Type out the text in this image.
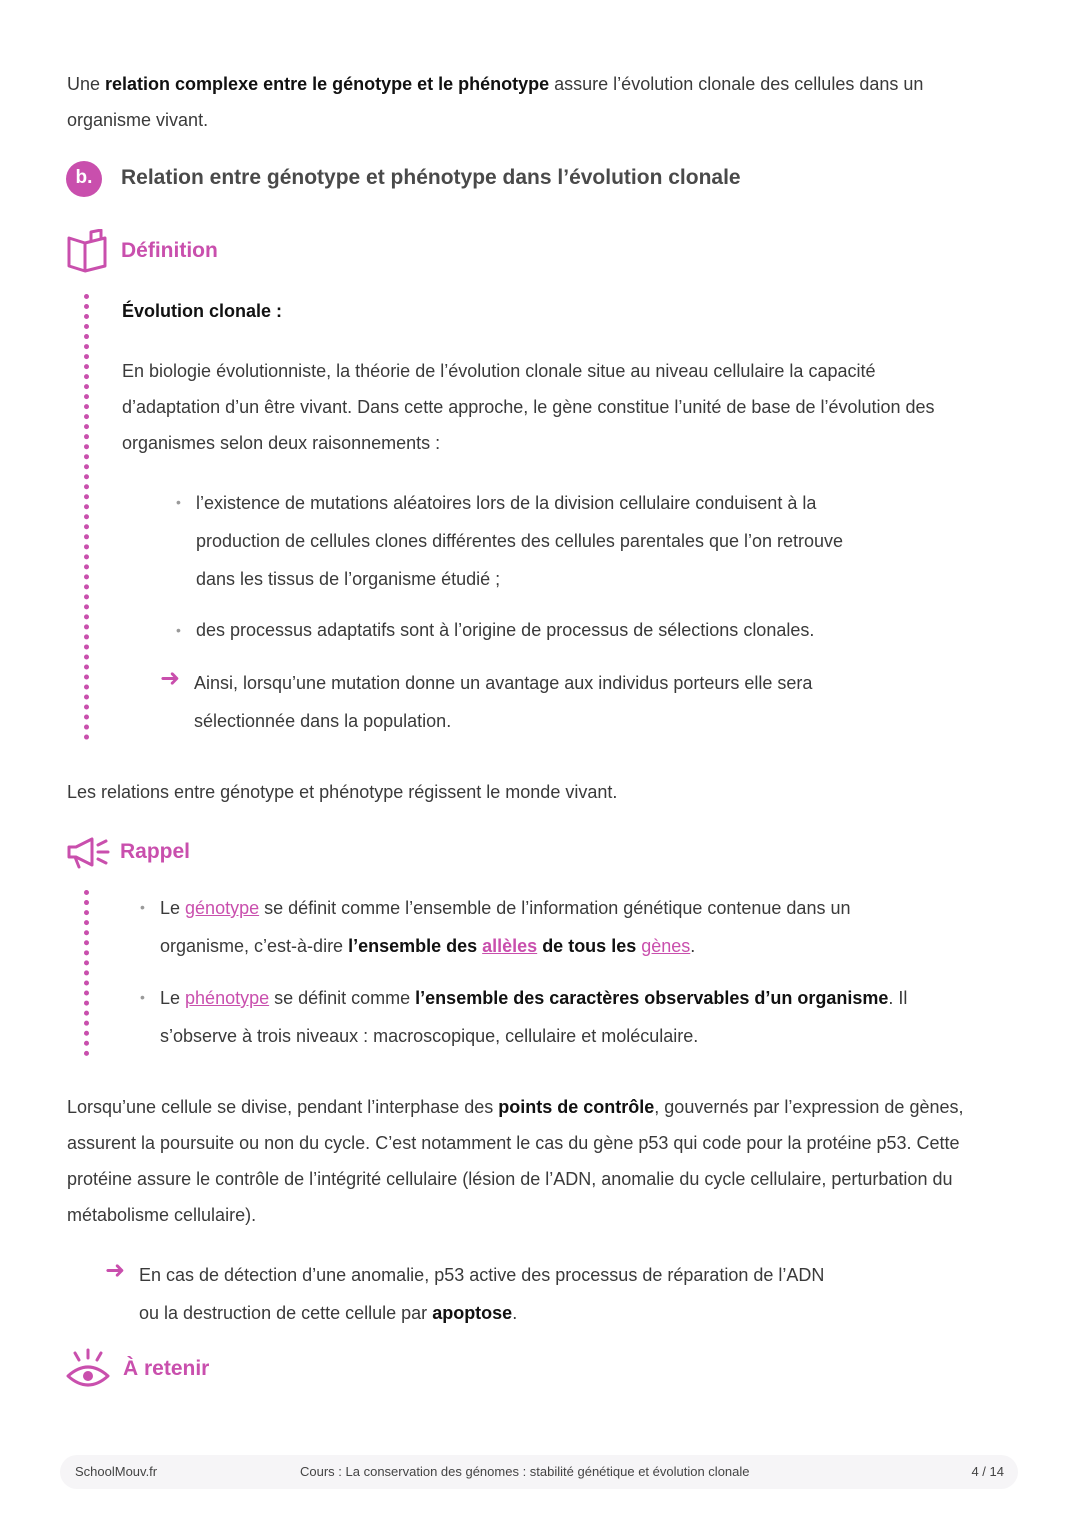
Une relation complexe entre le génotype et le phénotype assure l’évolution clonale des cellules dans un
organisme vivant.
b.	Relation entre génotype et phénotype dans l’évolution clonale
Définition
Évolution clonale :
En biologie évolutionniste, la théorie de l’évolution clonale situe au niveau cellulaire la capacité
d’adaptation d’un être vivant. Dans cette approche, le gène constitue l’unité de base de l’évolution des
organismes selon deux raisonnements :
• l’existence de mutations aléatoires lors de la division cellulaire conduisent à la
production de cellules clones différentes des cellules parentales que l’on retrouve
dans les tissus de l’organisme étudié ;
• des processus adaptatifs sont à l’origine de processus de sélections clonales.
➜ Ainsi, lorsqu’une mutation donne un avantage aux individus porteurs elle sera
sélectionnée dans la population.
Les relations entre génotype et phénotype régissent le monde vivant.
Rappel
• Le génotype se définit comme l’ensemble de l’information génétique contenue dans un
organisme, c’est-à-dire l’ensemble des allèles de tous les gènes.
• Le phénotype se définit comme l’ensemble des caractères observables d’un organisme. Il
s’observe à trois niveaux : macroscopique, cellulaire et moléculaire.
Lorsqu’une cellule se divise, pendant l’interphase des points de contrôle, gouvernés par l’expression de gènes,
assurent la poursuite ou non du cycle. C’est notamment le cas du gène p53 qui code pour la protéine p53. Cette
protéine assure le contrôle de l’intégrité cellulaire (lésion de l’ADN, anomalie du cycle cellulaire, perturbation du
métabolisme cellulaire).
➜ En cas de détection d’une anomalie, p53 active des processus de réparation de l’ADN
ou la destruction de cette cellule par apoptose.
À retenir
SchoolMouv.fr	Cours : La conservation des génomes : stabilité génétique et évolution clonale	4 / 14
